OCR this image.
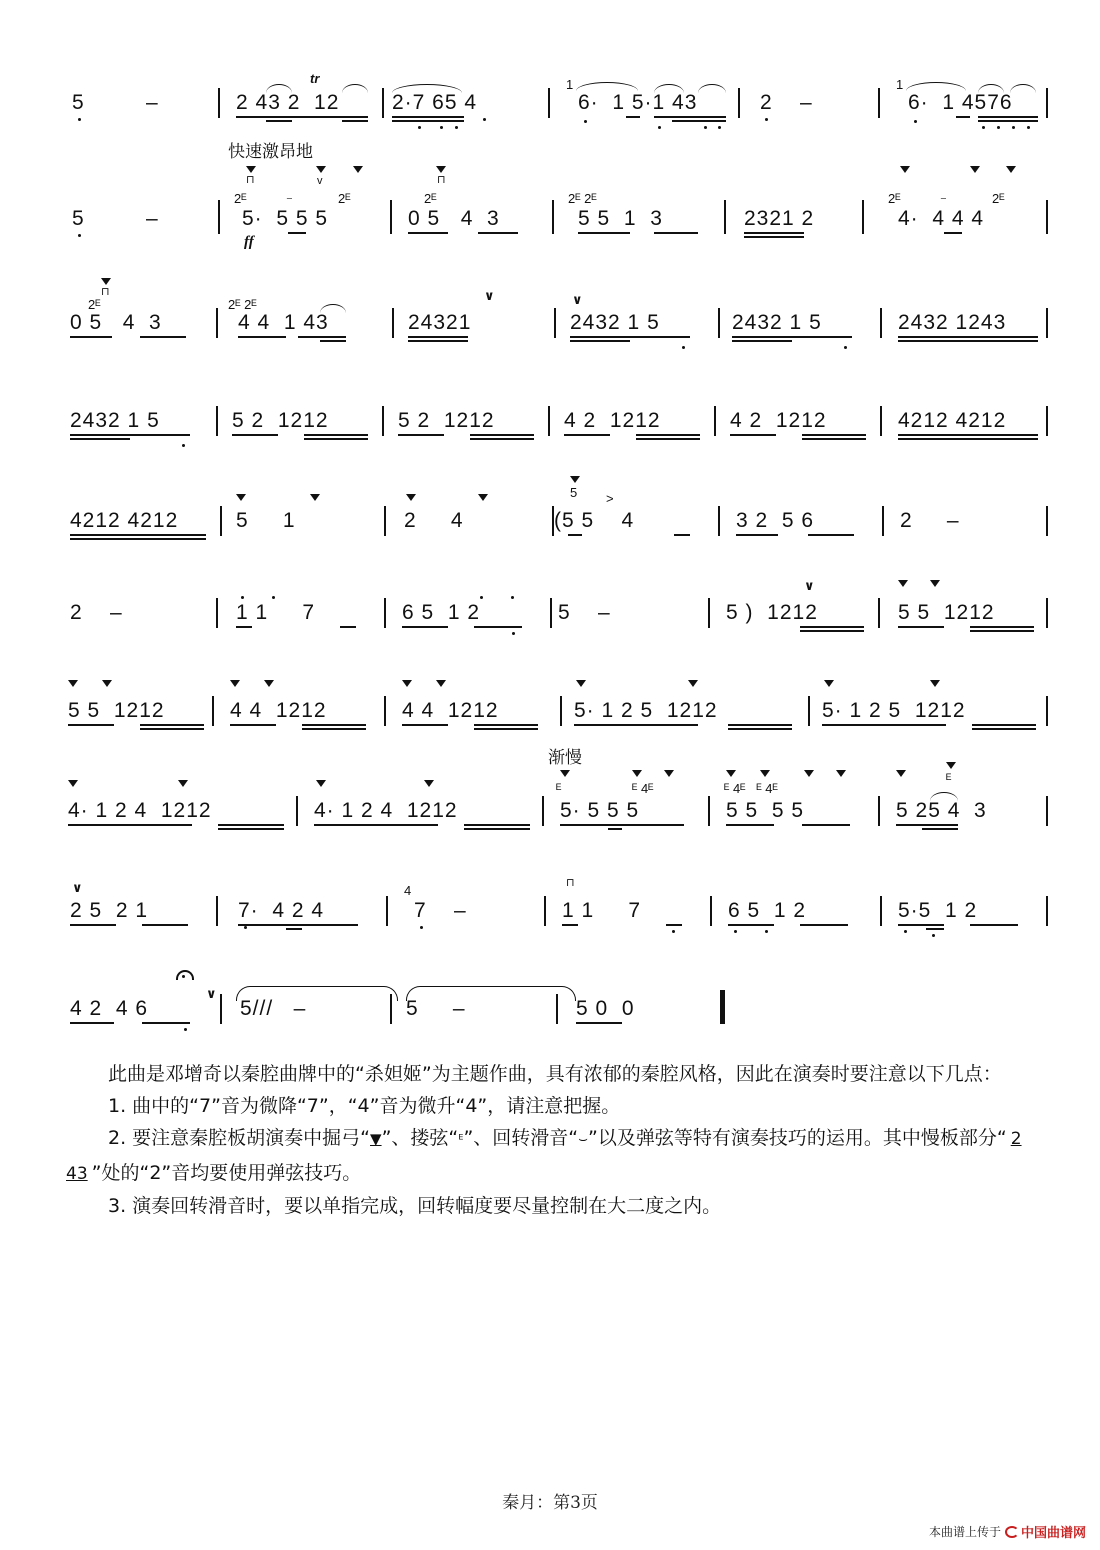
5	–
tr
2 43 2  12	2·7 65 4
1
6·  1 5·1 43	2    –
1
6·  1 4576
快速激昂地
5	–
⊓
2ᴱ
5·  5 5 5
v
2ᴱ
⁻
ff
⊓
2ᴱ
0 5   4  3
2ᴱ 2ᴱ
5 5  1  3	2321 2
2ᴱ
4·  4 4 4
⁻	2ᴱ
⊓
2ᴱ
0 5   4  3
2ᴱ 2ᴱ
4 4  1 43
∨
24321
∨
2432 1 5	2432 1 5	2432 1243
2432 1 5	5 2  1212	5 2  1212	4 2  1212	4 2  1212	4212 4212
4212 4212	5     1	2     4
5 >
(5 5    4	3 2  5 6	2     –
2    –	1 1     7	6 5  1 2	5    –
∨
5 )  1212	5 5  1212
5 5  1212	4 4  1212	4 4  1212	5· 1 2 5  1212	5· 1 2 5  1212
渐慢
4· 1 2 4  1212	4· 1 2 4  1212
ᴱ
5· 5 5 5
ᴱ 4ᴱ	ᴱ 4ᴱ   ᴱ 4ᴱ
5 5  5 5
ᴱ
5 25 4  3
∨
2 5  2 1	7·  4 2 4
4
7    –
⊓
1 1     7	6 5  1 2	5·5  1 2
∨
4 2  4 6	5///   –	5     –	5 0  0

此曲是邓增奇以秦腔曲牌中的“杀妲姬”为主题作曲，具有浓郁的秦腔风格，因此在演奏时要注意以下几点：

1. 曲中的“7”音为微降“7”，“4”音为微升“4”，请注意把握。

2. 要注意秦腔板胡演奏中掘弓“▼”、搂弦“ᴱ”、回转滑音“⌣”以及弹弦等特有演奏技巧的运用。其中慢板部分“ 2 43 ”处的“2”音均要使用弹弦技巧。

3. 演奏回转滑音时，要以单指完成，回转幅度要尽量控制在大二度之内。

秦月：第3页
本曲谱上传于 中国曲谱网
